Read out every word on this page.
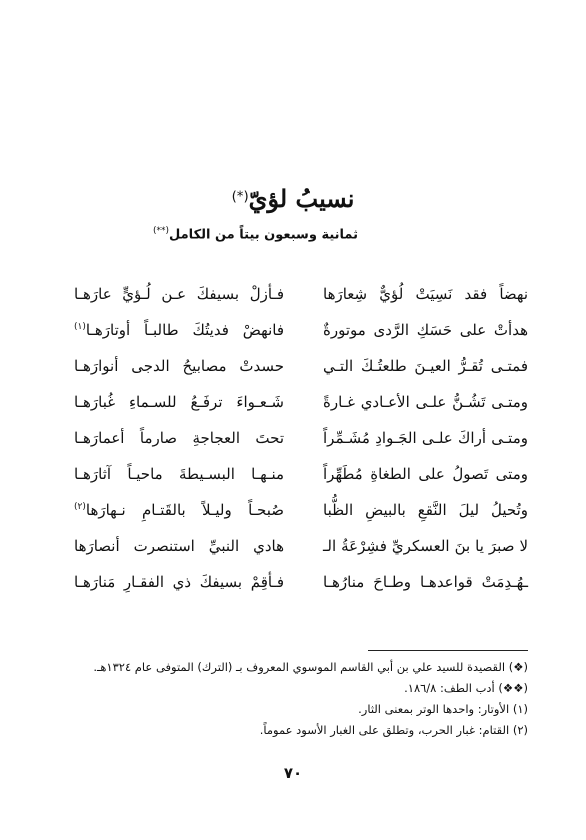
نسيبُ لؤيّ(*)
ثمانية وسبعون بيتاً من الكامل(**)
نهضاً فقد نَسِيَتْ لُؤيٌّ شِعارَها
فـأزلْ بسيفكَ عـن لُـؤيٍّ عارَهـا
هدأتْ على حَسَكِ الرَّدى موتورةٌ
فانهضْ فديتُكَ طالبـاً أوتارَهـا$^{(١)}$
فمتـى تُقـرُّ العيـنَ طلعتُـكَ التـي
حسدتْ مصابيحُ الدجى أنوارَهـا
ومتـى تَشُـنُّ علـى الأعـادي غـارةً
شَـعـواءَ ترفَـعُ للسـماءِ غُبارَهـا
ومتـى أراكَ علـى الجَـوادِ مُشَـمِّراً
تحتَ العجاجةِ صارماً أعمارَهـا
ومتى تَصولُ على الطغاةِ مُطَهِّراً
منـهـا البسـيطةَ ماحيـاً آثارَهـا
وتُحيلُ ليلَ النَّقعِ بالبيضِ الظُّبا
صُبحـاً وليـلاً بالقَتـامِ نـهارَها$^{(٢)}$
لا صبرَ يا بنَ العسكريِّ فشِرْعَةُ الـ
هادي النبيِّ استنصرت أنصارَها
ـهُـدِمَتْ قواعدهـا وطـاحَ منارُهـا
فـأقِمْ بسيفكَ ذي الفقـارِ مَنارَهـا
(❖) القصيدة للسيد علي بن أبي القاسم الموسوي المعروف بـ (الترك) المتوفى عام ١٣٢٤هـ.
(❖❖) أدب الطف: ١٨٦/٨.
(١) الأوتار: واحدها الوتر بمعنى الثار.
(٢) القتام: غبار الحرب، وتطلق على الغبار الأسود عموماً.
٧٠
